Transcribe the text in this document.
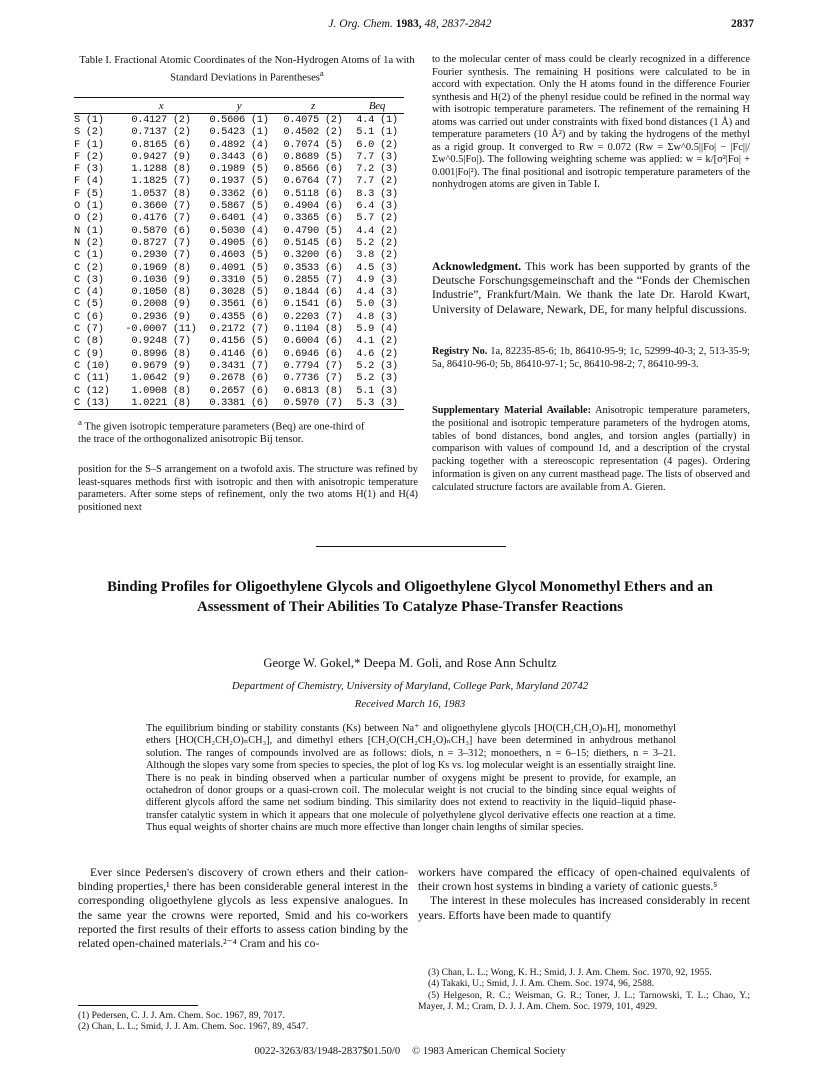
J. Org. Chem. 1983, 48, 2837-2842	2837
Table I. Fractional Atomic Coordinates of the Non-Hydrogen Atoms of 1a with Standard Deviations in Parentheses$^a$
	x	y	z	Beq
S (1)	0.4127 (2)	0.5606 (1)	0.4075 (2)	4.4 (1)
S (2)	0.7137 (2)	0.5423 (1)	0.4502 (2)	5.1 (1)
F (1)	0.8165 (6)	0.4892 (4)	0.7074 (5)	6.0 (2)
F (2)	0.9427 (9)	0.3443 (6)	0.8689 (5)	7.7 (3)
F (3)	1.1288 (8)	0.1989 (5)	0.8566 (6)	7.2 (3)
F (4)	1.1825 (7)	0.1937 (5)	0.6764 (7)	7.7 (2)
F (5)	1.0537 (8)	0.3362 (6)	0.5118 (6)	8.3 (3)
O (1)	0.3660 (7)	0.5867 (5)	0.4904 (6)	6.4 (3)
O (2)	0.4176 (7)	0.6401 (4)	0.3365 (6)	5.7 (2)
N (1)	0.5870 (6)	0.5030 (4)	0.4790 (5)	4.4 (2)
N (2)	0.8727 (7)	0.4905 (6)	0.5145 (6)	5.2 (2)
C (1)	0.2930 (7)	0.4603 (5)	0.3200 (6)	3.8 (2)
C (2)	0.1969 (8)	0.4091 (5)	0.3533 (6)	4.5 (3)
C (3)	0.1036 (9)	0.3310 (5)	0.2855 (7)	4.9 (3)
C (4)	0.1050 (8)	0.3028 (5)	0.1844 (6)	4.4 (3)
C (5)	0.2008 (9)	0.3561 (6)	0.1541 (6)	5.0 (3)
C (6)	0.2936 (9)	0.4355 (6)	0.2203 (7)	4.8 (3)
C (7)	-0.0007 (11)	0.2172 (7)	0.1104 (8)	5.9 (4)
C (8)	0.9248 (7)	0.4156 (5)	0.6004 (6)	4.1 (2)
C (9)	0.8996 (8)	0.4146 (6)	0.6946 (6)	4.6 (2)
C (10)	0.9679 (9)	0.3431 (7)	0.7794 (7)	5.2 (3)
C (11)	1.0642 (9)	0.2678 (6)	0.7736 (7)	5.2 (3)
C (12)	1.0908 (8)	0.2657 (6)	0.6813 (8)	5.1 (3)
C (13)	1.0221 (8)	0.3381 (6)	0.5970 (7)	5.3 (3)
$^a$ The given isotropic temperature parameters (Beq) are one-third of the trace of the orthogonalized anisotropic Bij tensor.
position for the S–S arrangement on a twofold axis. The structure was refined by least-squares methods first with isotropic and then with anisotropic temperature parameters. After some steps of refinement, only the two atoms H(1) and H(4) positioned next
to the molecular center of mass could be clearly recognized in a difference Fourier synthesis. The remaining H positions were calculated to be in accord with expectation. Only the H atoms found in the difference Fourier synthesis and H(2) of the phenyl residue could be refined in the normal way with isotropic temperature parameters. The refinement of the remaining H atoms was carried out under constraints with fixed bond distances (1 Å) and temperature parameters (10 Å²) and by taking the hydrogens of the methyl as a rigid group. It converged to Rw = 0.072 (Rw = Σw^0.5||Fo| − |Fc||/Σw^0.5|Fo|). The following weighting scheme was applied: w = k/[σ²|Fo| + 0.001|Fo|²). The final positional and isotropic temperature parameters of the nonhydrogen atoms are given in Table I.
Acknowledgment. This work has been supported by grants of the Deutsche Forschungsgemeinschaft and the “Fonds der Chemischen Industrie”, Frankfurt/Main. We thank the late Dr. Harold Kwart, University of Delaware, Newark, DE, for many helpful discussions.
Registry No. 1a, 82235-85-6; 1b, 86410-95-9; 1c, 52999-40-3; 2, 513-35-9; 5a, 86410-96-0; 5b, 86410-97-1; 5c, 86410-98-2; 7, 86410-99-3.
Supplementary Material Available: Anisotropic temperature parameters, the positional and isotropic temperature parameters of the hydrogen atoms, tables of bond distances, bond angles, and torsion angles (partially) in comparison with values of compound 1d, and a description of the crystal packing together with a stereoscopic representation (4 pages). Ordering information is given on any current masthead page. The lists of observed and calculated structure factors are available from A. Gieren.
Binding Profiles for Oligoethylene Glycols and Oligoethylene Glycol Monomethyl Ethers and an Assessment of Their Abilities To Catalyze Phase-Transfer Reactions
George W. Gokel,* Deepa M. Goli, and Rose Ann Schultz
Department of Chemistry, University of Maryland, College Park, Maryland 20742
Received March 16, 1983
The equilibrium binding or stability constants (Ks) between Na⁺ and oligoethylene glycols [HO(CH₂CH₂O)ₙH], monomethyl ethers [HO(CH₂CH₂O)ₙCH₃], and dimethyl ethers [CH₃O(CH₂CH₂O)ₙCH₃] have been determined in anhydrous methanol solution. The ranges of compounds involved are as follows: diols, n = 3–312; monoethers, n = 6–15; diethers, n = 3–21. Although the slopes vary some from species to species, the plot of log Ks vs. log molecular weight is an essentially straight line. There is no peak in binding observed when a particular number of oxygens might be present to provide, for example, an octahedron of donor groups or a quasi-crown coil. The molecular weight is not crucial to the binding since equal weights of different glycols afford the same net sodium binding. This similarity does not extend to reactivity in the liquid–liquid phase-transfer catalytic system in which it appears that one molecule of polyethylene glycol derivative effects one reaction at a time. Thus equal weights of shorter chains are much more effective than longer chain lengths of similar species.

Ever since Pedersen's discovery of crown ethers and their cation-binding properties,¹ there has been considerable general interest in the corresponding oligoethylene glycols as less expensive analogues. In the same year the crowns were reported, Smid and his co-workers reported the first results of their efforts to assess cation binding by the related open-chained materials.²⁻⁴ Cram and his co-

workers have compared the efficacy of open-chained equivalents of their crown host systems in binding a variety of cationic guests.⁵

The interest in these molecules has increased considerably in recent years. Efforts have been made to quantify

(1) Pedersen, C. J. J. Am. Chem. Soc. 1967, 89, 7017.
(2) Chan, L. L.; Smid, J. J. Am. Chem. Soc. 1967, 89, 4547.
(3) Chan, L. L.; Wong, K. H.; Smid, J. J. Am. Chem. Soc. 1970, 92, 1955.
(4) Takaki, U.; Smid, J. J. Am. Chem. Soc. 1974, 96, 2588.
(5) Helgeson, R. C.; Weisman, G. R.; Toner, J. L.; Tarnowski, T. L.; Chao, Y.; Mayer, J. M.; Cram, D. J. J. Am. Chem. Soc. 1979, 101, 4929.
0022-3263/83/1948-2837$01.50/0 © 1983 American Chemical Society
